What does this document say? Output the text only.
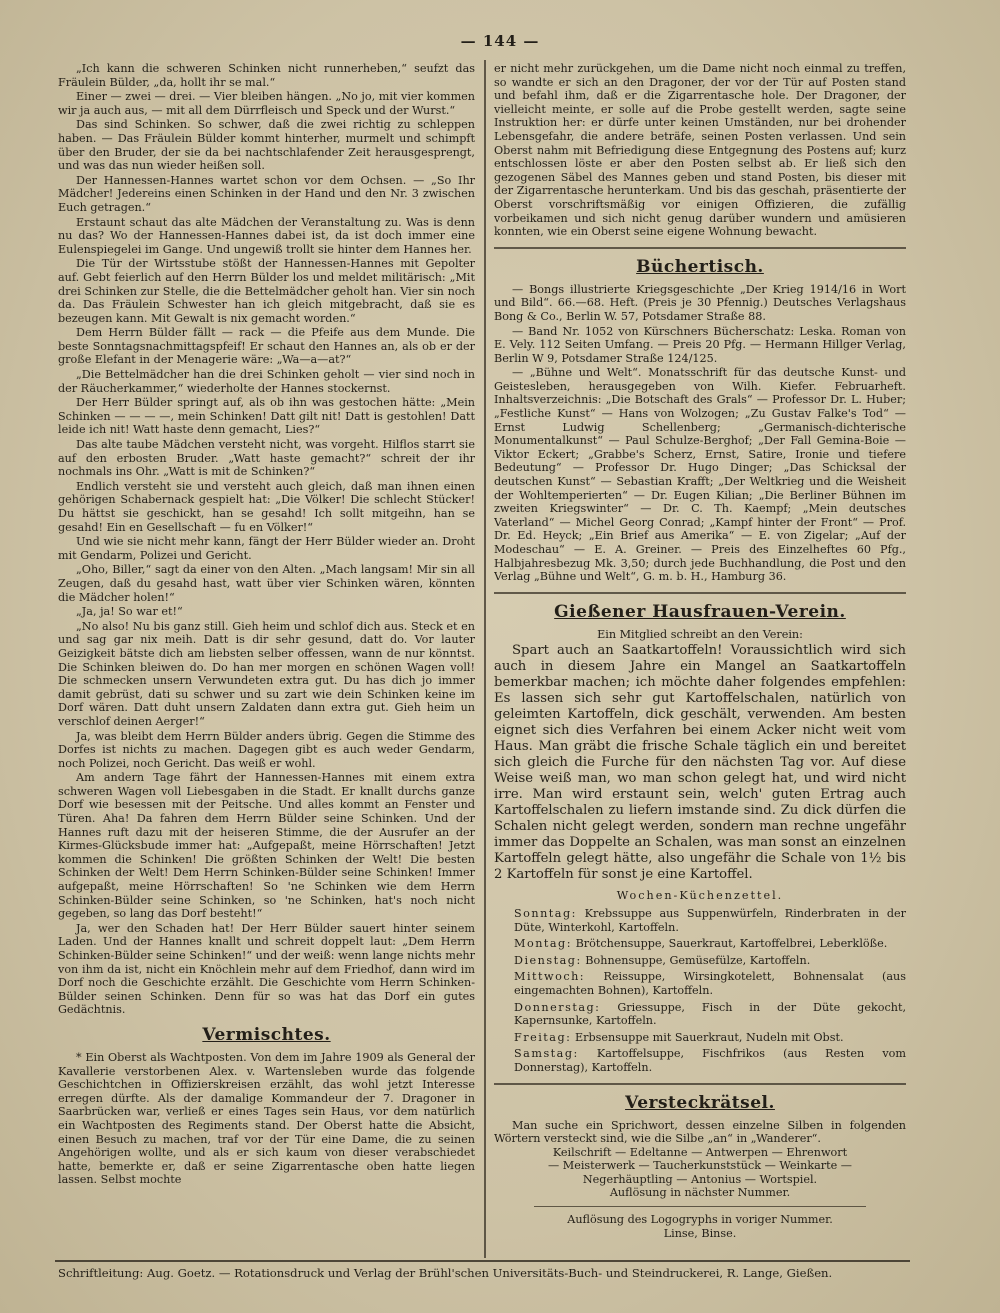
— 144 —

„Ich kann die schweren Schinken nicht runnerheben,“ seufzt das Fräulein Bülder, „da, hollt ihr se mal.“

Einer — zwei — drei. — Vier bleiben hängen. „No jo, mit vier kommen wir ja auch aus, — mit all dem Dürrfleisch und Speck und der Wurst.“

Das sind Schinken. So schwer, daß die zwei richtig zu schleppen haben. — Das Fräulein Bülder kommt hinterher, murmelt und schimpft über den Bruder, der sie da bei nachtschlafender Zeit herausgesprengt, und was das nun wieder heißen soll.

Der Hannessen-Hannes wartet schon vor dem Ochsen. — „So Ihr Mädcher! Jedereins einen Schinken in der Hand und den Nr. 3 zwischen Euch getragen.“

Erstaunt schaut das alte Mädchen der Veranstaltung zu. Was is denn nu das? Wo der Hannessen-Hannes dabei ist, da ist doch immer eine Eulenspiegelei im Gange. Und ungewiß trollt sie hinter dem Hannes her.

Die Tür der Wirtsstube stößt der Hannessen-Hannes mit Gepolter auf. Gebt feierlich auf den Herrn Bülder los und meldet militärisch: „Mit drei Schinken zur Stelle, die die Bettelmädcher geholt han. Vier sin noch da. Das Fräulein Schwester han ich gleich mitgebracht, daß sie es bezeugen kann. Mit Gewalt is nix gemacht worden.“

Dem Herrn Bülder fällt — rack — die Pfeife aus dem Munde. Die beste Sonntagsnachmittagspfeif! Er schaut den Hannes an, als ob er der große Elefant in der Menagerie wäre: „Wa—a—at?“

„Die Bettelmädcher han die drei Schinken geholt — vier sind noch in der Räucherkammer,“ wiederholte der Hannes stockernst.

Der Herr Bülder springt auf, als ob ihn was gestochen hätte: „Mein Schinken — — — —, mein Schinken! Datt gilt nit! Datt is gestohlen! Datt leide ich nit! Watt haste denn gemacht, Lies?“

Das alte taube Mädchen versteht nicht, was vorgeht. Hilflos starrt sie auf den erbosten Bruder. „Watt haste gemacht?“ schreit der ihr nochmals ins Ohr. „Watt is mit de Schinken?“

Endlich versteht sie und versteht auch gleich, daß man ihnen einen gehörigen Schabernack gespielt hat: „Die Völker! Die schlecht Stücker! Du hättst sie geschickt, han se gesahd! Ich sollt mitgeihn, han se gesahd! Ein en Gesellschaft — fu en Völker!“

Und wie sie nicht mehr kann, fängt der Herr Bülder wieder an. Droht mit Gendarm, Polizei und Gericht.

„Oho, Biller,“ sagt da einer von den Alten. „Mach langsam! Mir sin all Zeugen, daß du gesahd hast, watt über vier Schinken wären, könnten die Mädcher holen!“

„Ja, ja! So war et!“

„No also! Nu bis ganz still. Gieh heim und schlof dich aus. Steck et en und sag gar nix meih. Datt is dir sehr gesund, datt do. Vor lauter Geizigkeit bätste dich am liebsten selber offessen, wann de nur könntst. Die Schinken bleiwen do. Do han mer morgen en schönen Wagen voll! Die schmecken unsern Verwundeten extra gut. Du has dich jo immer damit gebrüst, dati su schwer und su zart wie dein Schinken keine im Dorf wären. Datt duht unsern Zaldaten dann extra gut. Gieh heim un verschlof deinen Aerger!“

Ja, was bleibt dem Herrn Bülder anders übrig. Gegen die Stimme des Dorfes ist nichts zu machen. Dagegen gibt es auch weder Gendarm, noch Polizei, noch Gericht. Das weiß er wohl.

Am andern Tage fährt der Hannessen-Hannes mit einem extra schweren Wagen voll Liebesgaben in die Stadt. Er knallt durchs ganze Dorf wie besessen mit der Peitsche. Und alles kommt an Fenster und Türen. Aha! Da fahren dem Herrn Bülder seine Schinken. Und der Hannes ruft dazu mit der heiseren Stimme, die der Ausrufer an der Kirmes-Glücksbude immer hat: „Aufgepaßt, meine Hörrschaften! Jetzt kommen die Schinken! Die größten Schinken der Welt! Die besten Schinken der Welt! Dem Herrn Schinken-Bülder seine Schinken! Immer aufgepaßt, meine Hörrschaften! So 'ne Schinken wie dem Herrn Schinken-Bülder seine Schinken, so 'ne Schinken, hat's noch nicht gegeben, so lang das Dorf besteht!“

Ja, wer den Schaden hat! Der Herr Bülder sauert hinter seinem Laden. Und der Hannes knallt und schreit doppelt laut: „Dem Herrn Schinken-Bülder seine Schinken!“ und der weiß: wenn lange nichts mehr von ihm da ist, nicht ein Knöchlein mehr auf dem Friedhof, dann wird im Dorf noch die Geschichte erzählt. Die Geschichte vom Herrn Schinken-Bülder seinen Schinken. Denn für so was hat das Dorf ein gutes Gedächtnis.

Vermischtes.

* Ein Oberst als Wachtposten. Von dem im Jahre 1909 als General der Kavallerie verstorbenen Alex. v. Wartensleben wurde das folgende Geschichtchen in Offizierskreisen erzählt, das wohl jetzt Interesse erregen dürfte. Als der damalige Kommandeur der 7. Dragoner in Saarbrücken war, verließ er eines Tages sein Haus, vor dem natürlich ein Wachtposten des Regiments stand. Der Oberst hatte die Absicht, einen Besuch zu machen, traf vor der Tür eine Dame, die zu seinen Angehörigen wollte, und als er sich kaum von dieser verabschiedet hatte, bemerkte er, daß er seine Zigarrentasche oben hatte liegen lassen. Selbst mochte

er nicht mehr zurückgehen, um die Dame nicht noch einmal zu treffen, so wandte er sich an den Dragoner, der vor der Tür auf Posten stand und befahl ihm, daß er die Zigarrentasche hole. Der Dragoner, der vielleicht meinte, er solle auf die Probe gestellt werden, sagte seine Instruktion her: er dürfe unter keinen Umständen, nur bei drohender Lebensgefahr, die andere beträfe, seinen Posten verlassen. Und sein Oberst nahm mit Befriedigung diese Entgegnung des Postens auf; kurz entschlossen löste er aber den Posten selbst ab. Er ließ sich den gezogenen Säbel des Mannes geben und stand Posten, bis dieser mit der Zigarrentasche herunterkam. Und bis das geschah, präsentierte der Oberst vorschriftsmäßig vor einigen Offizieren, die zufällig vorbeikamen und sich nicht genug darüber wundern und amüsieren konnten, wie ein Oberst seine eigene Wohnung bewacht.

Büchertisch.

— Bongs illustrierte Kriegsgeschichte „Der Krieg 1914/16 in Wort und Bild“. 66.—68. Heft. (Preis je 30 Pfennig.) Deutsches Verlagshaus Bong & Co., Berlin W. 57, Potsdamer Straße 88.

— Band Nr. 1052 von Kürschners Bücherschatz: Leska. Roman von E. Vely. 112 Seiten Umfang. — Preis 20 Pfg. — Hermann Hillger Verlag, Berlin W 9, Potsdamer Straße 124/125.

— „Bühne und Welt“. Monatsschrift für das deutsche Kunst- und Geistesleben, herausgegeben von Wilh. Kiefer. Februarheft. Inhaltsverzeichnis: „Die Botschaft des Grals“ — Professor Dr. L. Huber; „Festliche Kunst“ — Hans von Wolzogen; „Zu Gustav Falke's Tod“ — Ernst Ludwig Schellenberg; „Germanisch-dichterische Monumentalkunst“ — Paul Schulze-Berghof; „Der Fall Gemina-Boie — Viktor Eckert; „Grabbe's Scherz, Ernst, Satire, Ironie und tiefere Bedeutung“ — Professor Dr. Hugo Dinger; „Das Schicksal der deutschen Kunst“ — Sebastian Krafft; „Der Weltkrieg und die Weisheit der Wohltemperierten“ — Dr. Eugen Kilian; „Die Berliner Bühnen im zweiten Kriegswinter“ — Dr. C. Th. Kaempf; „Mein deutsches Vaterland“ — Michel Georg Conrad; „Kampf hinter der Front“ — Prof. Dr. Ed. Heyck; „Ein Brief aus Amerika“ — E. von Zigelar; „Auf der Modeschau“ — E. A. Greiner. — Preis des Einzelheftes 60 Pfg., Halbjahresbezug Mk. 3,50; durch jede Buchhandlung, die Post und den Verlag „Bühne und Welt“, G. m. b. H., Hamburg 36.

Gießener Hausfrauen-Verein.
Ein Mitglied schreibt an den Verein:

Spart auch an Saatkartoffeln! Voraussichtlich wird sich auch in diesem Jahre ein Mangel an Saatkartoffeln bemerkbar machen; ich möchte daher folgendes empfehlen: Es lassen sich sehr gut Kartoffelschalen, natürlich von geleimten Kartoffeln, dick geschält, verwenden. Am besten eignet sich dies Verfahren bei einem Acker nicht weit vom Haus. Man gräbt die frische Schale täglich ein und bereitet sich gleich die Furche für den nächsten Tag vor. Auf diese Weise weiß man, wo man schon gelegt hat, und wird nicht irre. Man wird erstaunt sein, welch' guten Ertrag auch Kartoffelschalen zu liefern imstande sind. Zu dick dürfen die Schalen nicht gelegt werden, sondern man rechne ungefähr immer das Doppelte an Schalen, was man sonst an einzelnen Kartoffeln gelegt hätte, also ungefähr die Schale von 1½ bis 2 Kartoffeln für sonst je eine Kartoffel.

Wochen-Küchenzettel.

Sonntag: Krebssuppe aus Suppenwürfeln, Rinderbraten in der Düte, Winterkohl, Kartoffeln.

Montag: Brötchensuppe, Sauerkraut, Kartoffelbrei, Leberklöße.

Dienstag: Bohnensuppe, Gemüsefülze, Kartoffeln.

Mittwoch: Reissuppe, Wirsingkotelett, Bohnensalat (aus eingemachten Bohnen), Kartoffeln.

Donnerstag: Griessuppe, Fisch in der Düte gekocht, Kapernsunke, Kartoffeln.

Freitag: Erbsensuppe mit Sauerkraut, Nudeln mit Obst.

Samstag: Kartoffelsuppe, Fischfrikos (aus Resten vom Donnerstag), Kartoffeln.

Versteckrätsel.

Man suche ein Sprichwort, dessen einzelne Silben in folgenden Wörtern versteckt sind, wie die Silbe „an“ in „Wanderer“.

Keilschrift — Edeltanne — Antwerpen — Ehrenwort

— Meisterwerk — Taucherkunststück — Weinkarte —

Negerhäuptling — Antonius — Wortspiel.

Auflösung in nächster Nummer.

Auflösung des Logogryphs in voriger Nummer.

Linse, Binse.

Schriftleitung: Aug. Goetz. — Rotationsdruck und Verlag der Brühl'schen Universitäts-Buch- und Steindruckerei, R. Lange, Gießen.
